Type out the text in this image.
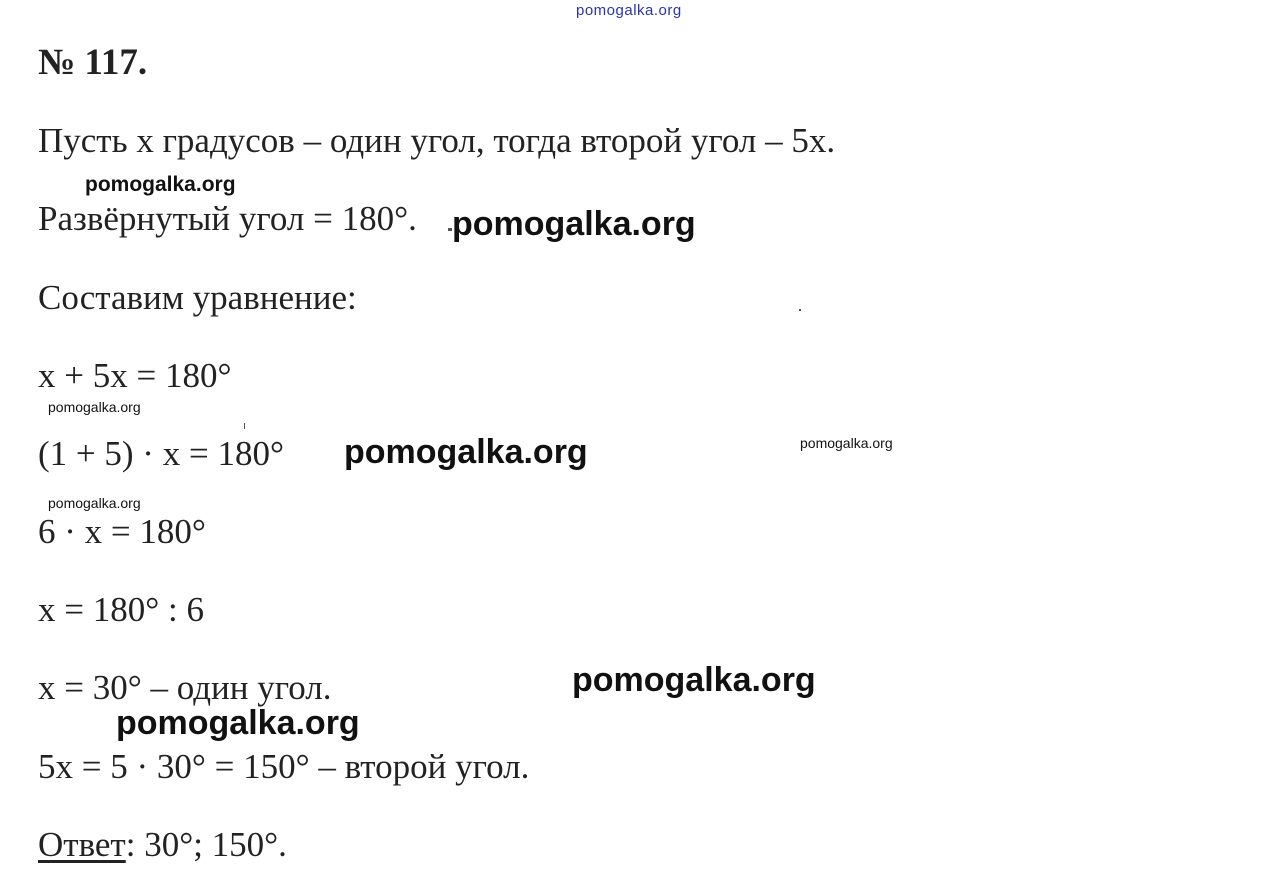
pomogalka.org
№ 117.
Пусть x градусов – один угол, тогда второй угол – 5x.
Развёрнутый угол = 180°.
Составим уравнение:
x + 5x = 180°
(1 + 5) · x = 180°
6 · x = 180°
x = 180° : 6
x = 30° – один угол.
5x = 5 · 30° = 150° – второй угол.
Ответ: 30°; 150°.
pomogalka.org
pomogalka.org
pomogalka.org
pomogalka.org	pomogalka.org
pomogalka.org
pomogalka.org
pomogalka.org
